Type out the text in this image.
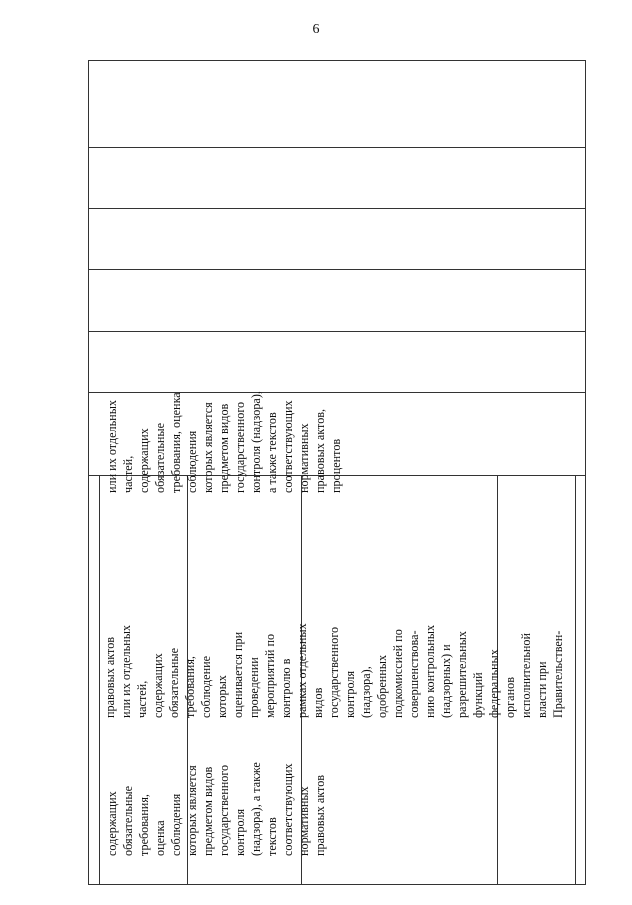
6
содержащих обязательные требования, оценка соблюдения которых является предметом видов государственного контроля (надзора), а также текстов соответствующих нормативных правовых актов
правовых актов или их отдельных частей, содержащих обязательные требования, соблюдение которых оценивается при проведении мероприятий по контролю в рамках отдельных видов государственного контроля (надзора), одобренных подкомиссией по совершенствова- нию контрольных (надзорных) и разрешительных функций федеральных органов исполнительной власти при Правительствен-
или их отдельных частей, содержащих обязательные требования, оценка соблюдения которых является предметом видов государственного контроля (надзора), а также текстов соответствующих нормативных правовых актов, процентов
